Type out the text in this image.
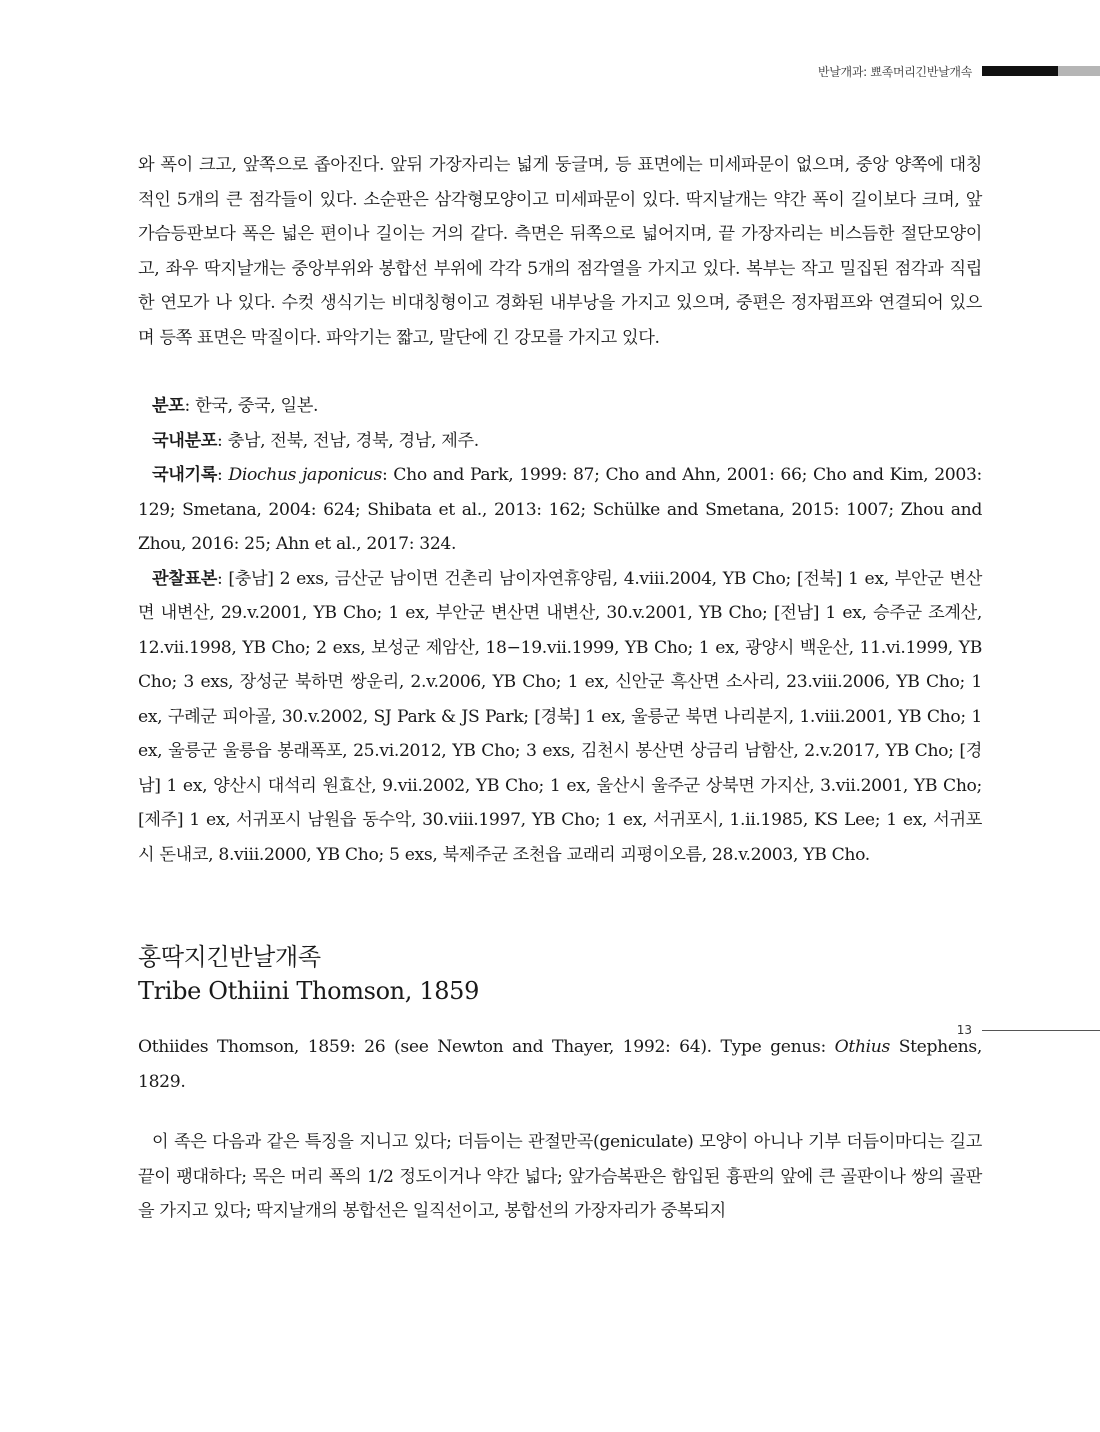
반날개과: 뾰족머리긴반날개속

와 폭이 크고, 앞쪽으로 좁아진다. 앞뒤 가장자리는 넓게 둥글며, 등 표면에는 미세파문이 없으며, 중앙 양쪽에 대칭적인 5개의 큰 점각들이 있다. 소순판은 삼각형모양이고 미세파문이 있다. 딱지날개는 약간 폭이 길이보다 크며, 앞가슴등판보다 폭은 넓은 편이나 길이는 거의 같다. 측면은 뒤쪽으로 넓어지며, 끝 가장자리는 비스듬한 절단모양이고, 좌우 딱지날개는 중앙부위와 봉합선 부위에 각각 5개의 점각열을 가지고 있다. 복부는 작고 밀집된 점각과 직립한 연모가 나 있다. 수컷 생식기는 비대칭형이고 경화된 내부낭을 가지고 있으며, 중편은 정자펌프와 연결되어 있으며 등쪽 표면은 막질이다. 파악기는 짧고, 말단에 긴 강모를 가지고 있다.

분포: 한국, 중국, 일본.

국내분포: 충남, 전북, 전남, 경북, 경남, 제주.

국내기록: Diochus japonicus: Cho and Park, 1999: 87; Cho and Ahn, 2001: 66; Cho and Kim, 2003: 129; Smetana, 2004: 624; Shibata et al., 2013: 162; Schülke and Smetana, 2015: 1007; Zhou and Zhou, 2016: 25; Ahn et al., 2017: 324.

관찰표본: [충남] 2 exs, 금산군 남이면 건촌리 남이자연휴양림, 4.viii.2004, YB Cho; [전북] 1 ex, 부안군 변산면 내변산, 29.v.2001, YB Cho; 1 ex, 부안군 변산면 내변산, 30.v.2001, YB Cho; [전남] 1 ex, 승주군 조계산, 12.vii.1998, YB Cho; 2 exs, 보성군 제암산, 18−19.vii.1999, YB Cho; 1 ex, 광양시 백운산, 11.vi.1999, YB Cho; 3 exs, 장성군 북하면 쌍운리, 2.v.2006, YB Cho; 1 ex, 신안군 흑산면 소사리, 23.viii.2006, YB Cho; 1 ex, 구례군 피아골, 30.v.2002, SJ Park & JS Park; [경북] 1 ex, 울릉군 북면 나리분지, 1.viii.2001, YB Cho; 1 ex, 울릉군 울릉읍 봉래폭포, 25.vi.2012, YB Cho; 3 exs, 김천시 봉산면 상금리 남함산, 2.v.2017, YB Cho; [경남] 1 ex, 양산시 대석리 원효산, 9.vii.2002, YB Cho; 1 ex, 울산시 울주군 상북면 가지산, 3.vii.2001, YB Cho; [제주] 1 ex, 서귀포시 남원읍 동수악, 30.viii.1997, YB Cho; 1 ex, 서귀포시, 1.ii.1985, KS Lee; 1 ex, 서귀포시 돈내코, 8.viii.2000, YB Cho; 5 exs, 북제주군 조천읍 교래리 괴평이오름, 28.v.2003, YB Cho.

홍딱지긴반날개족

Tribe Othiini Thomson, 1859

Othiides Thomson, 1859: 26 (see Newton and Thayer, 1992: 64). Type genus: Othius Stephens, 1829.

이 족은 다음과 같은 특징을 지니고 있다; 더듬이는 관절만곡(geniculate) 모양이 아니나 기부 더듬이마디는 길고 끝이 팽대하다; 목은 머리 폭의 1/2 정도이거나 약간 넓다; 앞가슴복판은 함입된 흉판의 앞에 큰 골판이나 쌍의 골판을 가지고 있다; 딱지날개의 봉합선은 일직선이고, 봉합선의 가장자리가 중복되지

13
